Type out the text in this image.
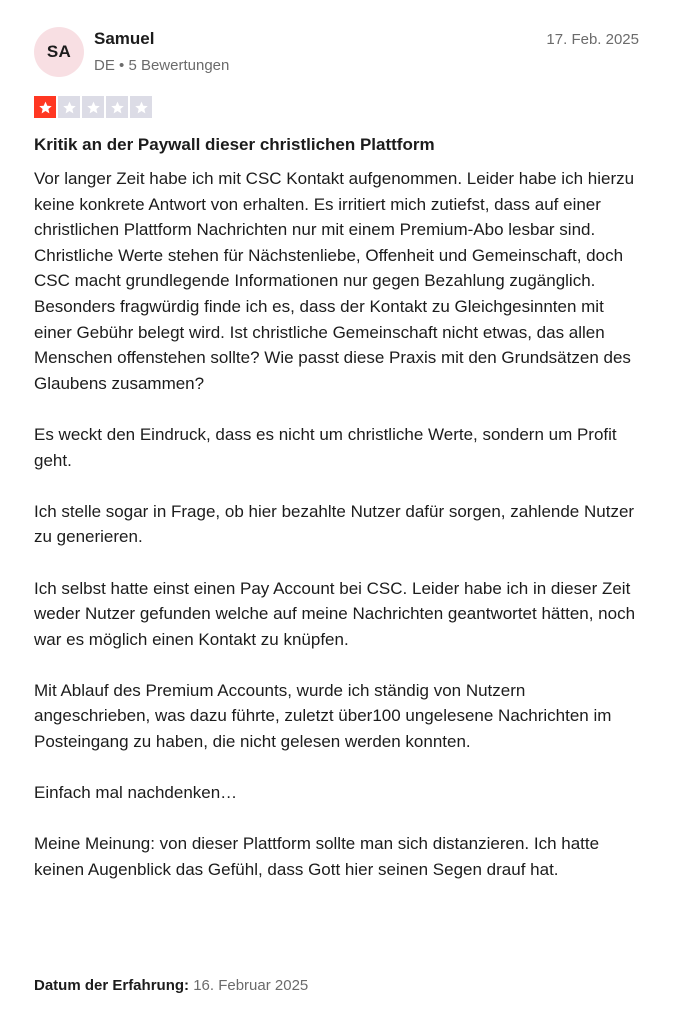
SA
Samuel
DE • 5 Bewertungen
17. Feb. 2025
Kritik an der Paywall dieser christlichen Plattform

Vor langer Zeit habe ich mit CSC Kontakt aufgenommen. Leider habe ich hierzu keine konkrete Antwort von erhalten. Es irritiert mich zutiefst, dass auf einer christlichen Plattform Nachrichten nur mit einem Premium-Abo lesbar sind. Christliche Werte stehen für Nächstenliebe, Offenheit und Gemeinschaft, doch CSC macht grundlegende Informationen nur gegen Bezahlung zugänglich.
Besonders fragwürdig finde ich es, dass der Kontakt zu Gleichgesinnten mit einer Gebühr belegt wird. Ist christliche Gemeinschaft nicht etwas, das allen Menschen offenstehen sollte? Wie passt diese Praxis mit den Grundsätzen des Glaubens zusammen?

Es weckt den Eindruck, dass es nicht um christliche Werte, sondern um Profit geht.

Ich stelle sogar in Frage, ob hier bezahlte Nutzer dafür sorgen, zahlende Nutzer zu generieren.

Ich selbst hatte einst einen Pay Account bei CSC. Leider habe ich in dieser Zeit weder Nutzer gefunden welche auf meine Nachrichten geantwortet hätten, noch war es möglich einen Kontakt zu knüpfen.

Mit Ablauf des Premium Accounts, wurde ich ständig von Nutzern angeschrieben, was dazu führte, zuletzt über100 ungelesene Nachrichten im Posteingang zu haben, die nicht gelesen werden konnten.

Einfach mal nachdenken…

Meine Meinung: von dieser Plattform sollte man sich distanzieren. Ich hatte keinen Augenblick das Gefühl, dass Gott hier seinen Segen drauf hat.

Datum der Erfahrung: 16. Februar 2025
